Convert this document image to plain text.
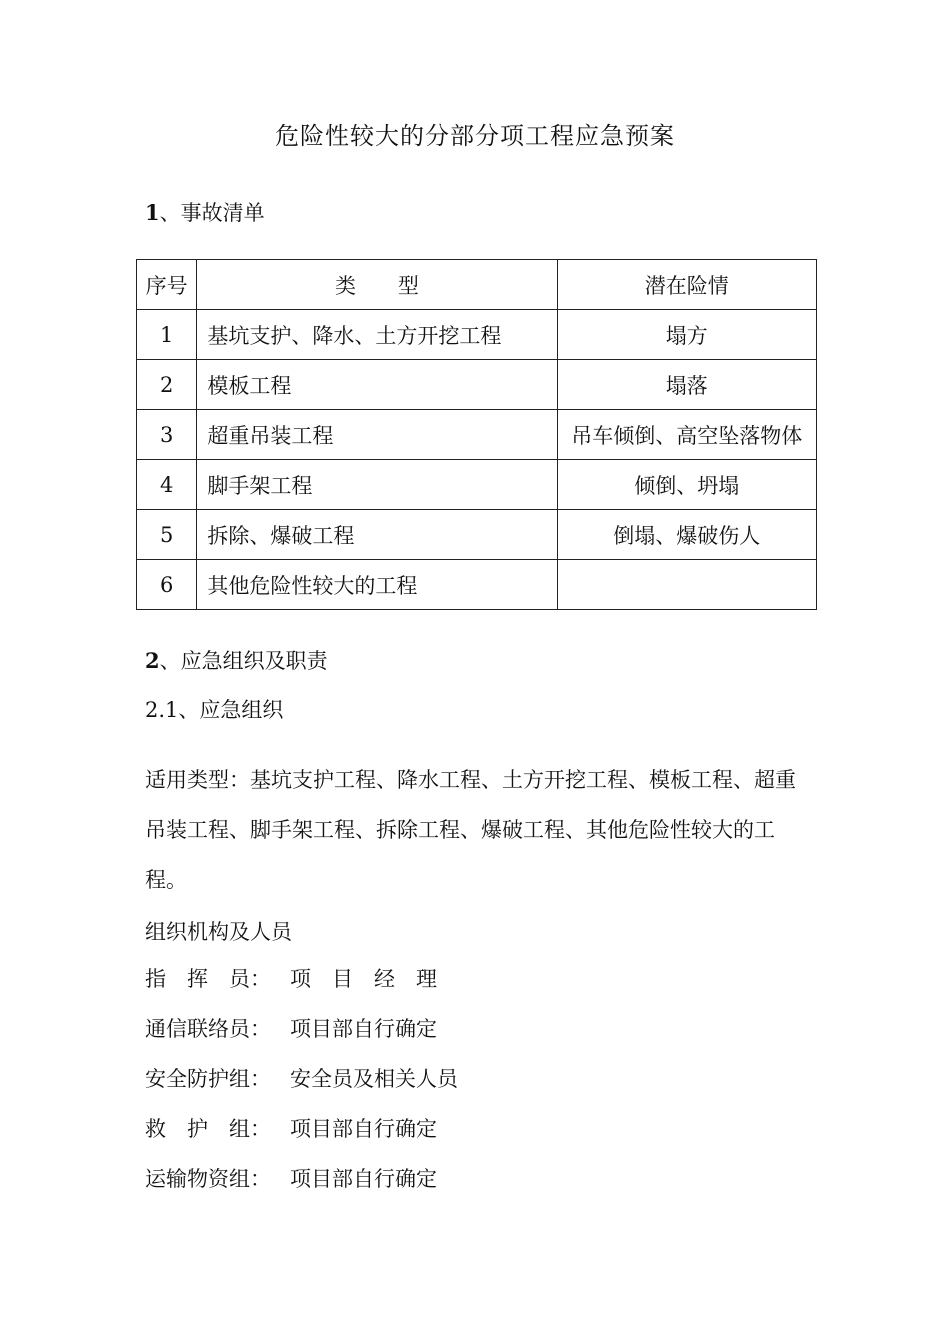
危险性较大的分部分项工程应急预案
1、事故清单
序号	类　　型	潜在险情
1	基坑支护、降水、土方开挖工程	塌方
2	模板工程	塌落
3	超重吊装工程	吊车倾倒、高空坠落物体
4	脚手架工程	倾倒、坍塌
5	拆除、爆破工程	倒塌、爆破伤人
6	其他危险性较大的工程	
2、应急组织及职责
2.1、应急组织
适用类型：基坑支护工程、降水工程、土方开挖工程、模板工程、超重吊装工程、脚手架工程、拆除工程、爆破工程、其他危险性较大的工程。
组织机构及人员
指　挥　员： 项　目　经　理
通信联络员： 项目部自行确定
安全防护组： 安全员及相关人员
救　护　组： 项目部自行确定
运输物资组： 项目部自行确定
